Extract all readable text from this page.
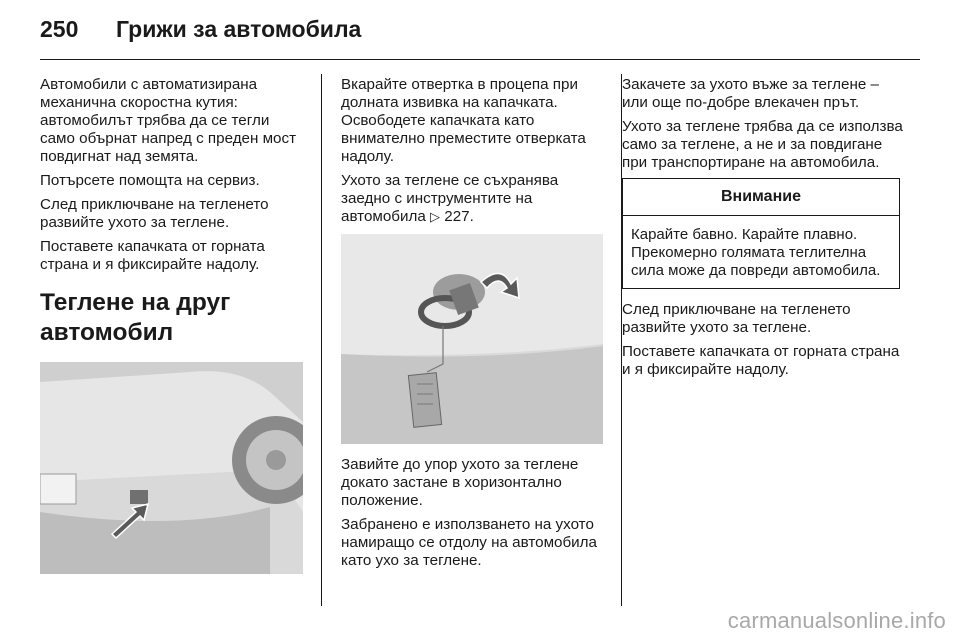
250 Грижи за автомобила

Автомобили с автоматизирана механична скоростна кутия: автомобилът трябва да се тегли само обърнат напред с преден мост повдигнат над земята.

Потърсете помощта на сервиз.

След приключване на тегленето развийте ухото за теглене.

Поставете капачката от горната страна и я фиксирайте надолу.

Теглене на друг автомобил

Вкарайте отвертка в процепа при долната извивка на капачката. Освободете капачката като внимателно преместите отверката надолу.

Ухото за теглене се съхранява заедно с инструментите на автомобила ▷ 227.

Завийте до упор ухото за теглене докато застане в хоризонтално положение.

Забранено е използването на ухото намиращо се отдолу на автомобила като ухо за теглене.

Закачете за ухото въже за теглене – или още по-добре влекачен прът.

Ухото за теглене трябва да се използва само за теглене, а не и за повдигане при транспортиране на автомобила.

Внимание
Карайте бавно. Карайте плавно. Прекомерно голямата теглителна сила може да повреди автомобила.

След приключване на тегленето развийте ухото за теглене.

Поставете капачката от горната страна и я фиксирайте надолу.

carmanualsonline.info
